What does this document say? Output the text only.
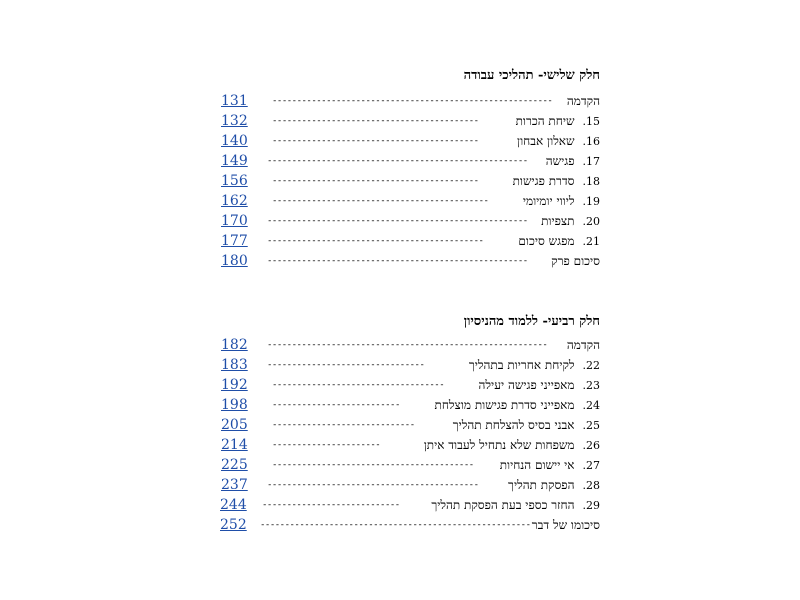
חלק שלישי- תהליכי עבודה
הקדמה
---------------------------------------------------------
131
15.שיחת הכרות
------------------------------------------
132
16.שאלון אבחון
------------------------------------------
140
17.פגישה
-----------------------------------------------------
149
18.סדרת פגישות
------------------------------------------
156
19.ליווי יומיומי
--------------------------------------------
162
20.תצפיות
-----------------------------------------------------
170
21.מפגש סיכום
--------------------------------------------
177
סיכום פרק
-----------------------------------------------------
180
חלק רביעי- ללמוד מהניסיון
הקדמה
---------------------------------------------------------
182
22.לקיחת אחריות בתהליך
--------------------------------
183
23.מאפייני פגישה יעילה
-----------------------------------
192
24.מאפייני סדרת פגישות מוצלחת
--------------------------
198
25.אבני בסיס להצלחת תהליך
-----------------------------
205
26.משפחות שלא נתחיל לעבוד איתן
----------------------
214
27.אי יישום הנחיות
-----------------------------------------
225
28.הפסקת תהליך
-------------------------------------------
237
29.החזר כספי בעת הפסקת תהליך
----------------------------
244
סיכומו של דבר
-------------------------------------------------------
252
